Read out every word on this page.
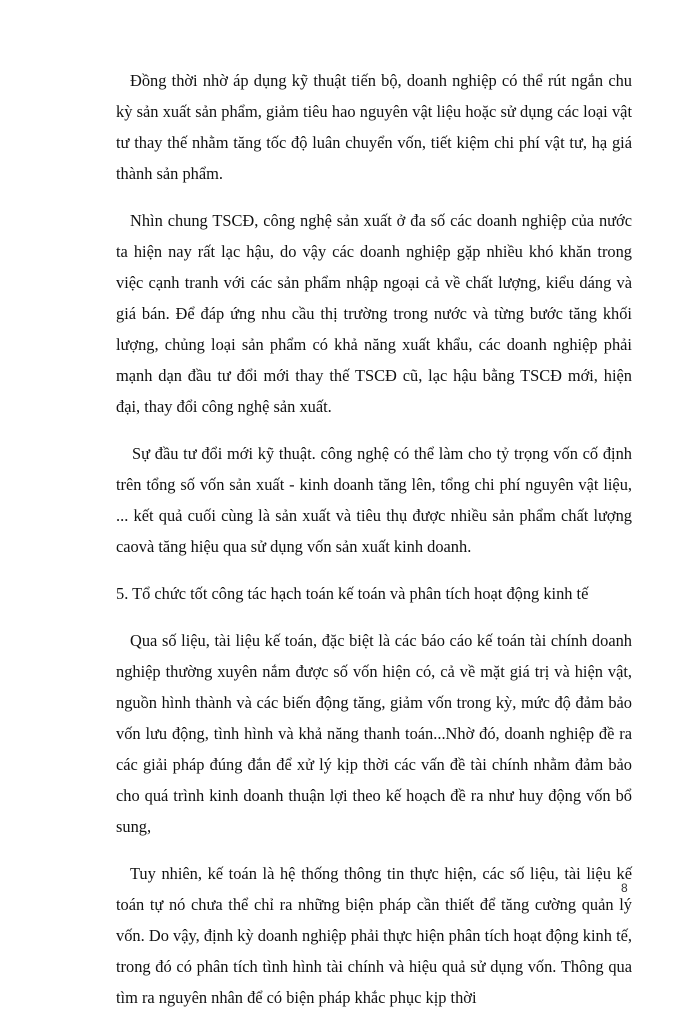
Đồng thời nhờ áp dụng kỹ thuật tiến bộ, doanh nghiệp có thể rút ngắn chu kỳ sản xuất sản phẩm, giảm tiêu hao nguyên vật liệu hoặc sử dụng các loại vật tư thay thế nhằm tăng tốc độ luân chuyển vốn, tiết kiệm chi phí vật tư, hạ giá thành sản phẩm.

Nhìn chung TSCĐ, công nghệ sản xuất ở đa số các doanh nghiệp của nước ta hiện nay rất lạc hậu, do vậy các doanh nghiệp gặp nhiều khó khăn trong việc cạnh tranh với các sản phẩm nhập ngoại cả về chất lượng, kiểu dáng và giá bán. Để đáp ứng nhu cầu thị trường trong nước và từng bước tăng khối lượng, chủng loại sản phẩm có khả năng xuất khẩu, các doanh nghiệp phải mạnh dạn đầu tư đổi mới thay thế TSCĐ cũ, lạc hậu bằng TSCĐ mới, hiện đại, thay đổi công nghệ sản xuất.

Sự đầu tư đổi mới kỹ thuật. công nghệ có thể làm cho tỷ trọng vốn cố định trên tổng số vốn sản xuất - kinh doanh tăng lên, tổng chi phí nguyên vật liệu, ... kết quả cuối cùng là sản xuất và tiêu thụ được nhiều sản phẩm chất lượng caovà tăng hiệu qua sử dụng vốn sản xuất kinh doanh.

5. Tổ chức tốt công tác hạch toán kế toán và phân tích hoạt động kinh tế

Qua số liệu, tài liệu kế toán, đặc biệt là các báo cáo kế toán tài chính doanh nghiệp thường xuyên nắm được số vốn hiện có, cả về mặt giá trị và hiện vật, nguồn hình thành và các biến động tăng, giảm vốn trong kỳ, mức độ đảm bảo vốn lưu động, tình hình và khả năng thanh toán...Nhờ đó, doanh nghiệp đề ra các giải pháp đúng đắn để xử lý kịp thời các vấn đề tài chính nhằm đảm bảo cho quá trình kinh doanh thuận lợi theo kế hoạch đề ra như huy động vốn bổ sung,

Tuy nhiên, kế toán là hệ thống thông tin thực hiện, các số liệu, tài liệu kế toán tự nó chưa thể chỉ ra những biện pháp cần thiết để tăng cường quản lý vốn. Do vậy, định kỳ doanh nghiệp phải thực hiện phân tích hoạt động kinh tế, trong đó có phân tích tình hình tài chính và hiệu quả sử dụng vốn. Thông qua tìm ra nguyên nhân để có biện pháp khắc phục kịp thời

8
